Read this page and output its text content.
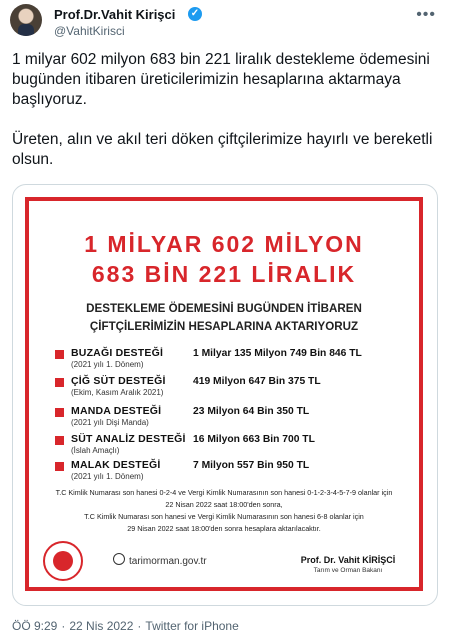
Prof.Dr.Vahit Kirişci ✓
@VahitKirisci
•••

1 milyar 602 milyon 683 bin 221 liralık destekleme ödemesini bugünden itibaren üreticilerimizin hesaplarına aktarmaya başlıyoruz.

Üreten, alın ve akıl teri döken çiftçilerimize hayırlı ve bereketli olsun.

1 MİLYAR 602 MİLYON
683 BİN 221 LİRALIK
DESTEKLEME ÖDEMESİNİ BUGÜNDEN İTİBAREN
ÇİFTÇİLERİMİZİN HESAPLARINA AKTARIYORUZ
BUZAĞI DESTEĞİ
(2021 yılı 1. Dönem)
1 Milyar 135 Milyon 749 Bin 846 TL
ÇİĞ SÜT DESTEĞİ
(Ekim, Kasım Aralık 2021)
419 Milyon 647 Bin 375 TL
MANDA DESTEĞİ
(2021 yılı Dişi Manda)
23 Milyon 64 Bin 350 TL
SÜT ANALİZ DESTEĞİ
(İslah Amaçlı)
16 Milyon 663 Bin 700 TL
MALAK DESTEĞİ
(2021 yılı 1. Dönem)
7 Milyon 557 Bin 950 TL
T.C Kimlik Numarası son hanesi 0-2-4 ve Vergi Kimlik Numarasının son hanesi 0-1-2-3-4-5-7-9 olanlar için
22 Nisan 2022 saat 18:00'den sonra,
T.C Kimlik Numarası son hanesi ve Vergi Kimlik Numarasının son hanesi 6-8 olanlar için
29 Nisan 2022 saat 18:00'den sonra hesaplara aktarılacaktır.
tarimorman.gov.tr	Prof. Dr. Vahit KİRİŞCİ
Tarım ve Orman Bakanı
ÖÖ 9:29 · 22 Nis 2022 · Twitter for iPhone
